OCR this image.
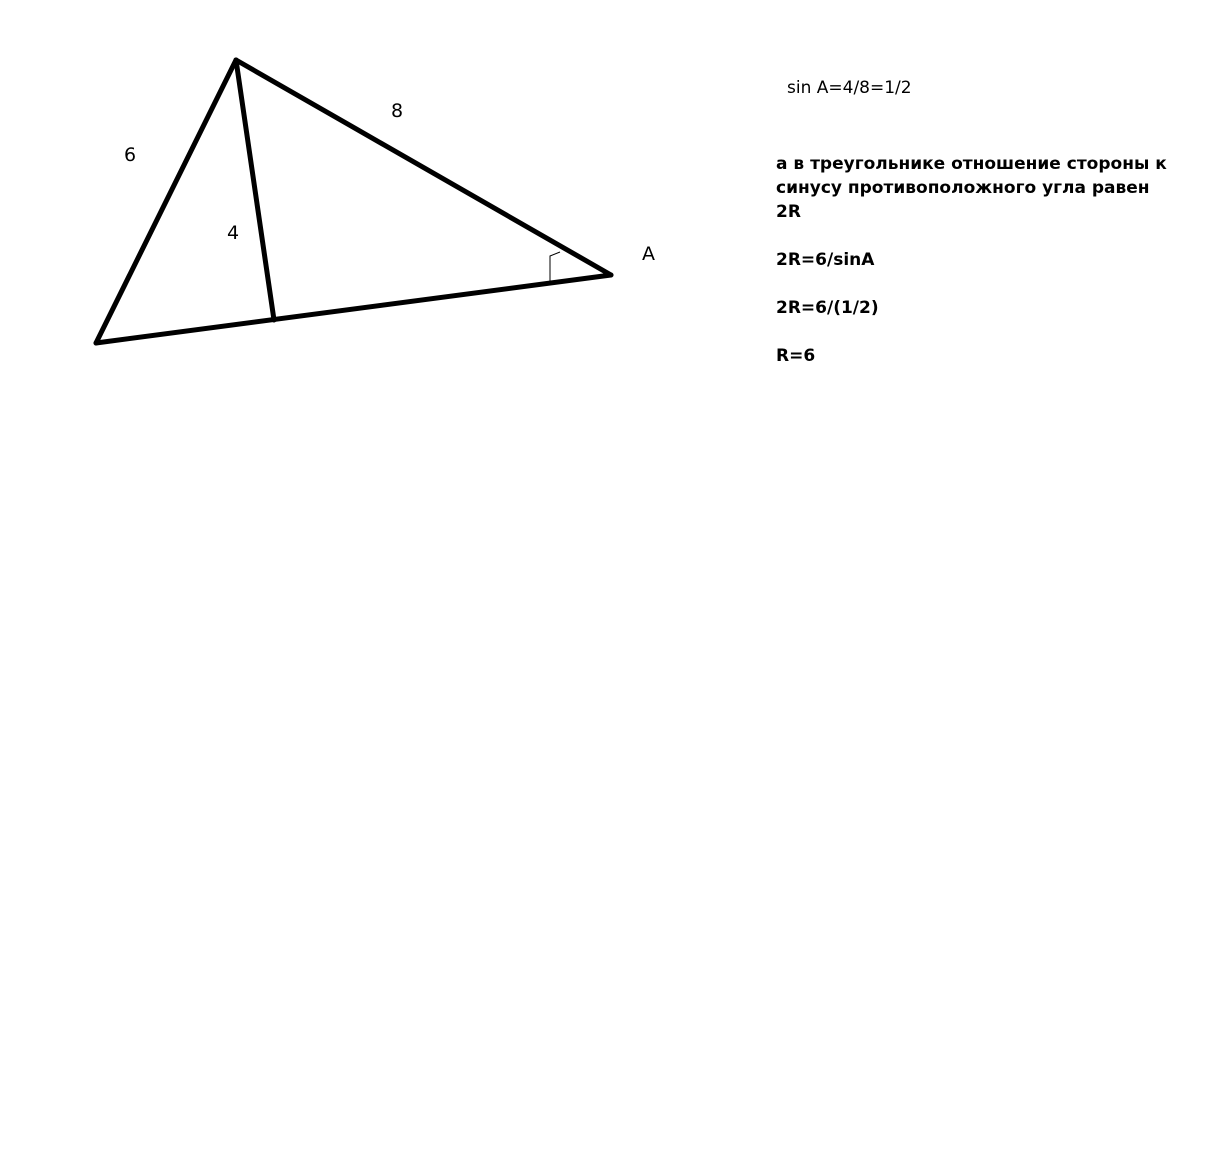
6
8
4
A
sin A=4/8=1/2
а в треугольнике отношение стороны к
синусу противоположного угла равен
2R
2R=6/sinA
2R=6/(1/2)
R=6
